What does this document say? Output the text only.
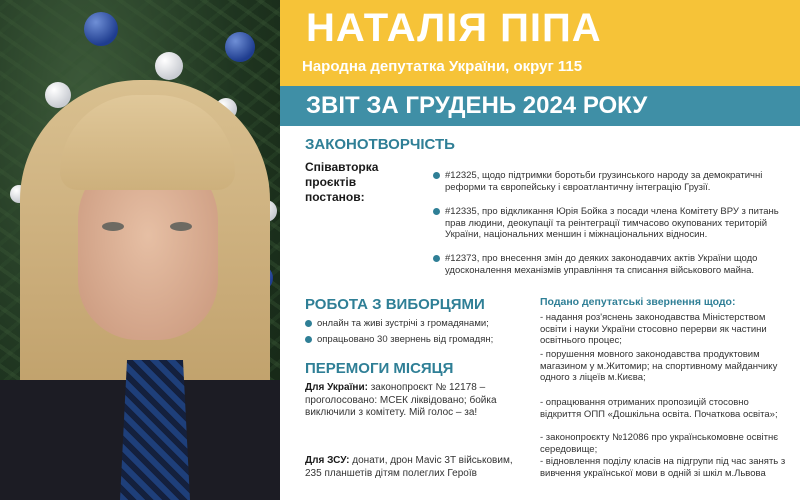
НАТАЛІЯ ПІПА
Народна депутатка України, округ 115
ЗВІТ ЗА ГРУДЕНЬ 2024 РОКУ
ЗАКОНОТВОРЧІСТЬ
Співавторка
проєктів
постанов:
#12325, щодо підтримки боротьби грузинського народу за демократичні реформи та європейську і євроатлантичну інтеграцію Грузії.
#12335, про відкликання Юрія Бойка з посади члена Комітету ВРУ з питань прав людини, деокупації та реінтеграції тимчасово окупованих територій України, національних меншин і міжнаціональних відносин.
#12373, про внесення змін до деяких законодавчих актів України щодо удосконалення механізмів управління та списання військового майна.
РОБОТА З ВИБОРЦЯМИ
онлайн та живі зустрічі з громадянами;
опрацьовано 30 звернень від громадян;
ПЕРЕМОГИ МІСЯЦЯ
Для України: законопроєкт № 12178 – проголосовано: МСЕК ліквідовано; бойка виключили з комітету. Мій голос – за!
Для ЗСУ: донати, дрон Mavic 3T військовим, 235 планшетів дітям полеглих Героїв
Подано депутатські звернення щодо:
- надання роз'яснень законодавства Міністерством освіти і науки України стосовно перерви як частини освітнього процес;
- порушення мовного законодавства продуктовим магазином у м.Житомир; на спортивному майданчику одного з ліцеїв м.Києва;
- опрацювання отриманих пропозицій стосовно відкриття ОПП «Дошкільна освіта. Початкова освіта»;
- законопроєкту №12086 про українськомовне освітнє середовище;
- відновлення поділу класів на підгрупи під час занять з вивчення української мови в одній зі шкіл м.Львова
